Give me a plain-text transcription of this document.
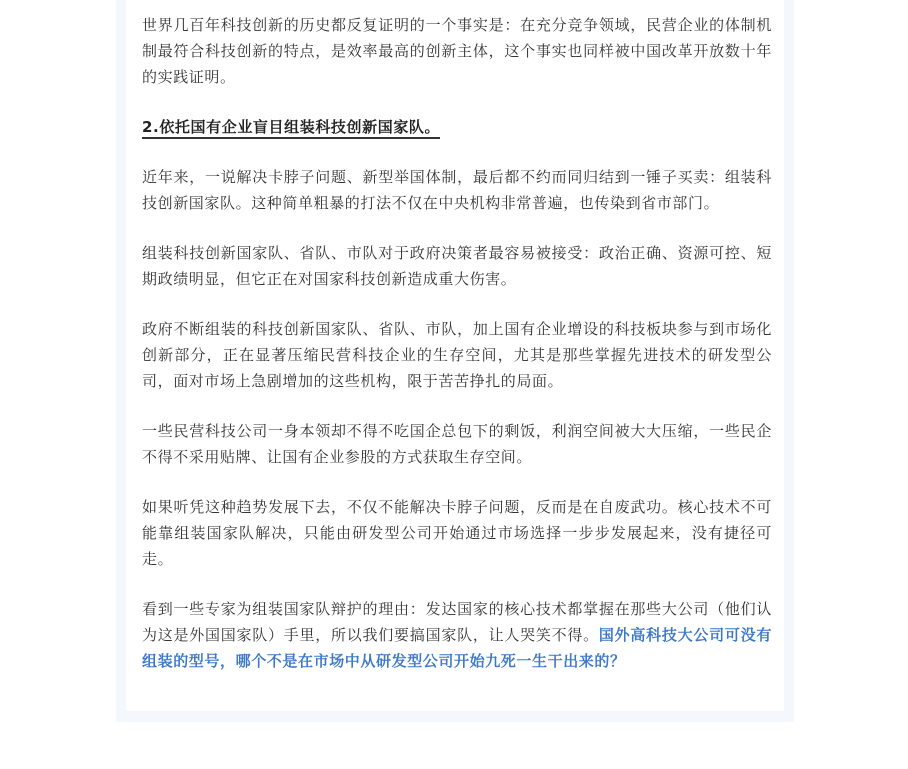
世界几百年科技创新的历史都反复证明的一个事实是：在充分竞争领域，民营企业的体制机制最符合科技创新的特点，是效率最高的创新主体，这个事实也同样被中国改革开放数十年的实践证明。

2.依托国有企业盲目组装科技创新国家队。

近年来，一说解决卡脖子问题、新型举国体制，最后都不约而同归结到一锤子买卖：组装科技创新国家队。这种简单粗暴的打法不仅在中央机构非常普遍，也传染到省市部门。

组装科技创新国家队、省队、市队对于政府决策者最容易被接受：政治正确、资源可控、短期政绩明显，但它正在对国家科技创新造成重大伤害。

政府不断组装的科技创新国家队、省队、市队，加上国有企业增设的科技板块参与到市场化创新部分，正在显著压缩民营科技企业的生存空间，尤其是那些掌握先进技术的研发型公司，面对市场上急剧增加的这些机构，限于苦苦挣扎的局面。

一些民营科技公司一身本领却不得不吃国企总包下的剩饭，利润空间被大大压缩，一些民企不得不采用贴牌、让国有企业参股的方式获取生存空间。

如果听凭这种趋势发展下去，不仅不能解决卡脖子问题，反而是在自废武功。核心技术不可能靠组装国家队解决，只能由研发型公司开始通过市场选择一步步发展起来，没有捷径可走。

看到一些专家为组装国家队辩护的理由：发达国家的核心技术都掌握在那些大公司（他们认为这是外国国家队）手里，所以我们要搞国家队，让人哭笑不得。国外高科技大公司可没有组装的型号，哪个不是在市场中从研发型公司开始九死一生干出来的？
